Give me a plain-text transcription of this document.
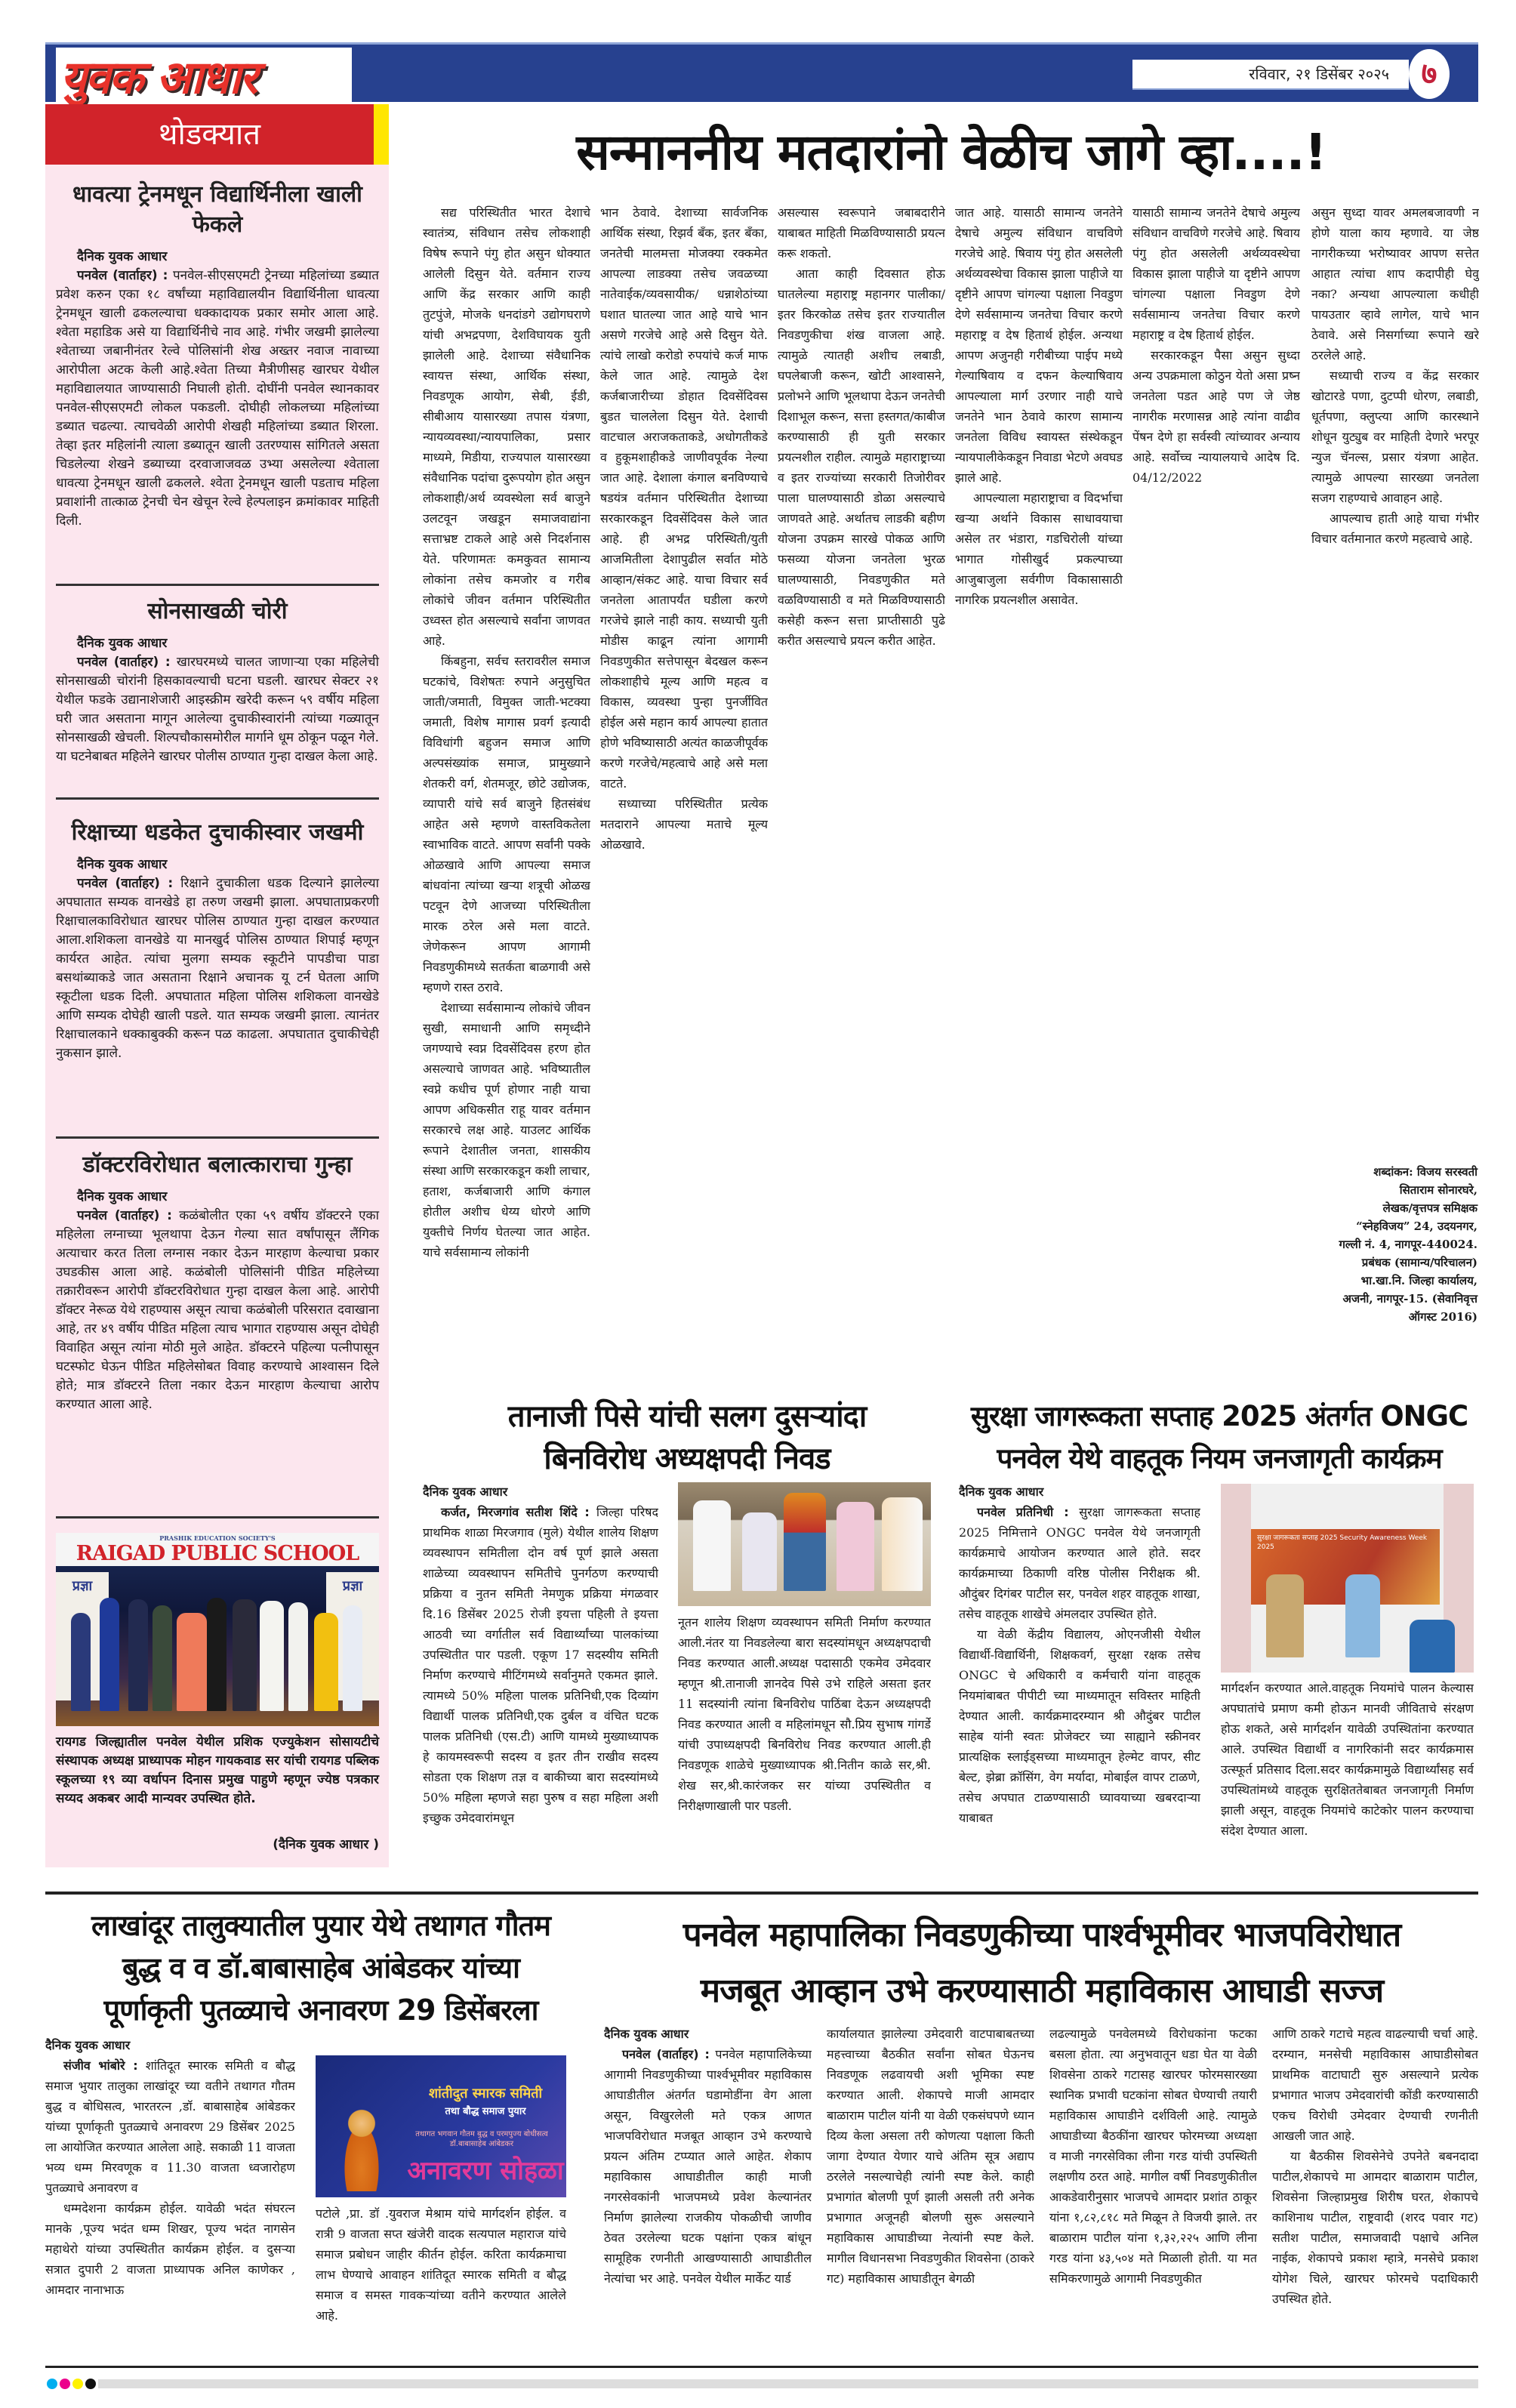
युवक आधार	रविवार, २१ डिसेंबर २०२५	७
थोडक्यात
धावत्या ट्रेनमधून विद्यार्थिनीला खाली फेकले
दैनिक युवक आधार

पनवेल (वार्ताहर) : पनवेल-सीएसएमटी ट्रेनच्या महिलांच्या डब्यात प्रवेश करुन एका १८ वर्षांच्या महाविद्यालयीन विद्यार्थिनीला धावत्या ट्रेनमधून खाली ढकलल्याचा धक्कादायक प्रकार समोर आला आहे. श्वेता महाडिक असे या विद्यार्थिनीचे नाव आहे. गंभीर जखमी झालेल्या श्वेताच्या जबानीनंतर रेल्वे पोलिसांनी शेख अख्तर नवाज नावाच्या आरोपीला अटक केली आहे.श्वेता तिच्या मैत्रीणीसह खारघर येथील महाविद्यालयात जाण्यासाठी निघाली होती. दोघींनी पनवेल स्थानकावर पनवेल-सीएसएमटी लोकल पकडली. दोघीही लोकलच्या महिलांच्या डब्यात चढल्या. त्याचवेळी आरोपी शेखही महिलांच्या डब्यात शिरला. तेव्हा इतर महिलांनी त्याला डब्यातून खाली उतरण्यास सांगितले असता चिडलेल्या शेखने डब्याच्या दरवाजाजवळ उभ्या असलेल्या श्वेताला धावत्या ट्रेनमधून खाली ढकलले. श्वेता ट्रेनमधून खाली पडताच महिला प्रवाशांनी तात्काळ ट्रेनची चेन खेचून रेल्वे हेल्पलाइन क्रमांकावर माहिती दिली.

सोनसाखळी चोरी
दैनिक युवक आधार

पनवेल (वार्ताहर) : खारघरमध्ये चालत जाणाऱ्या एका महिलेची सोनसाखळी चोरांनी हिसकावल्याची घटना घडली. खारघर सेक्टर २१ येथील फडके उद्यानाशेजारी आइस्क्रीम खरेदी करून ५९ वर्षीय महिला घरी जात असताना मागून आलेल्या दुचाकीस्वारांनी त्यांच्या गळ्यातून सोनसाखळी खेचली. शिल्पचौकासमोरील मार्गाने धूम ठोकून पळून गेले. या घटनेबाबत महिलेने खारघर पोलीस ठाण्यात गुन्हा दाखल केला आहे.

रिक्षाच्या धडकेत दुचाकीस्वार जखमी
दैनिक युवक आधार

पनवेल (वार्ताहर) : रिक्षाने दुचाकीला धडक दिल्याने झालेल्या अपघातात सम्यक वानखेडे हा तरुण जखमी झाला. अपघाताप्रकरणी रिक्षाचालकाविरोधात खारघर पोलिस ठाण्यात गुन्हा दाखल करण्यात आला.शशिकला वानखेडे या मानखुर्द पोलिस ठाण्यात शिपाई म्हणून कार्यरत आहेत. त्यांचा मुलगा सम्यक स्कूटीने पापडीचा पाडा बसथांब्याकडे जात असताना रिक्षाने अचानक यू टर्न घेतला आणि स्कूटीला धडक दिली. अपघातात महिला पोलिस शशिकला वानखेडे आणि सम्यक दोघेही खाली पडले. यात सम्यक जखमी झाला. त्यानंतर रिक्षाचालकाने धक्काबुक्की करून पळ काढला. अपघातात दुचाकीचेही नुकसान झाले.

डॉक्टरविरोधात बलात्काराचा गुन्हा
दैनिक युवक आधार

पनवेल (वार्ताहर) : कळंबोलीत एका ५९ वर्षीय डॉक्टरने एका महिलेला लग्नाच्या भूलथापा देऊन गेल्या सात वर्षांपासून लैंगिक अत्याचार करत तिला लग्नास नकार देऊन मारहाण केल्याचा प्रकार उघडकीस आला आहे. कळंबोली पोलिसांनी पीडित महिलेच्या तक्रारीवरून आरोपी डॉक्टरविरोधात गुन्हा दाखल केला आहे. आरोपी डॉक्टर नेरूळ येथे राहण्यास असून त्याचा कळंबोली परिसरात दवाखाना आहे, तर ४९ वर्षीय पीडित महिला त्याच भागात राहण्यास असून दोघेही विवाहित असून त्यांना मोठी मुले आहेत. डॉक्टरने पहिल्या पत्नीपासून घटस्फोट घेऊन पीडित महिलेसोबत विवाह करण्याचे आश्वासन दिले होते; मात्र डॉक्टरने तिला नकार देऊन मारहाण केल्याचा आरोप करण्यात आला आहे.

PRASHIK EDUCATION SOCIETY'S
RAIGAD PUBLIC SCHOOL
प्रज्ञा	प्रज्ञा
रायगड जिल्ह्यातील पनवेल येथील प्रशिक एज्युकेशन सोसायटीचे संस्थापक अध्यक्ष प्राध्यापक मोहन गायकवाड सर यांची रायगड पब्लिक स्कूलच्या १९ व्या वर्धापन दिनास प्रमुख पाहुणे म्हणून ज्येष्ठ पत्रकार सय्यद अकबर आदी मान्यवर उपस्थित होते.
(दैनिक युवक आधार )
सन्माननीय मतदारांनो वेळीच जागे व्हा....!

सद्य परिस्थितीत भारत देशाचे स्वातंत्र्य, संविधान तसेच लोकशाही विषेष रूपाने पंगु होत असुन धोक्यात आलेली दिसुन येते. वर्तमान राज्य आणि केंद्र सरकार आणि काही तुटपुंजे, मोजके धनदांडगे उद्योगघराणे यांची अभद्रपणा, देशविघायक युती झालेली आहे. देशाच्या संवैधानिक स्वायत्त संस्था, आर्थिक संस्था, निवडणूक आयोग, सेबी, ईडी, सीबीआय यासारख्या तपास यंत्रणा, न्यायव्यवस्था/न्यायपालिका, प्रसार माध्यमे, मिडीया, राज्यपाल यासारख्या संवैधानिक पदांचा दुरूपयोग होत असुन लोकशाही/अर्थ व्यवस्थेला सर्व बाजुने उलटवून जखडून समाजवाद्यांना सत्ताभ्रष्ट टाकले आहे असे निदर्शनास येते. परिणामतः कमकुवत सामान्य लोकांना तसेच कमजोर व गरीब लोकांचे जीवन वर्तमान परिस्थितीत उध्वस्त होत असल्याचे सर्वांना जाणवत आहे.

किंबहुना, सर्वच स्तरावरील समाज घटकांचे, विशेषतः रुपाने अनुसुचित जाती/जमाती, विमुक्त जाती-भटक्या जमाती, विशेष मागास प्रवर्ग इत्यादी विविधांगी बहुजन समाज आणि अल्पसंख्यांक समाज, प्रामुख्याने शेतकरी वर्ग, शेतमजूर, छोटे उद्योजक, व्यापारी यांचे सर्व बाजुने हितसंबंध आहेत असे म्हणणे वास्तविकतेला स्वाभाविक वाटते. आपण सर्वांनी पक्के ओळखावे आणि आपल्या समाज बांधवांना त्यांच्या खऱ्या शत्रूची ओळख पटवून देणे आजच्या परिस्थितीला मारक ठरेल असे मला वाटते. जेणेकरून आपण आगामी निवडणुकीमध्ये सतर्कता बाळगावी असे म्हणणे रास्त ठरावे.

देशाच्या सर्वसामान्य लोकांचे जीवन सुखी, समाधानी आणि समृध्दीने जगण्याचे स्वप्न दिवसेंदिवस हरण होत असल्याचे जाणवत आहे. भविष्यातील स्वप्ने कधीच पूर्ण होणार नाही याचा आपण अधिकसीत राहू यावर वर्तमान सरकारचे लक्ष आहे. याउलट आर्थिक रूपाने देशातील जनता, शासकीय संस्था आणि सरकारकडून कशी लाचार, हताश, कर्जबाजारी आणि कंगाल होतील अशीच धेय्य धोरणे आणि युक्तीचे निर्णय घेतल्या जात आहेत. याचे सर्वसामान्य लोकांनी

भान ठेवावे. देशाच्या सार्वजनिक आर्थिक संस्था, रिझर्व बँक, इतर बँका, जनतेची मालमत्ता मोजक्या रक्कमेत आपल्या लाडक्या तसेच जवळच्या नातेवाईक/व्यवसायीक/ धन्नाशेठांच्या घशात घातल्या जात आहे याचे भान असणे गरजेचे आहे असे दिसुन येते. त्यांचे लाखो करोडो रुपयांचे कर्ज माफ केले जात आहे. त्यामुळे देश कर्जबाजारीच्या डोहात दिवसेंदिवस बुडत चाललेला दिसुन येते. देशाची वाटचाल अराजकताकडे, अधोगतीकडे व हुकूमशाहीकडे जाणीवपूर्वक नेल्या जात आहे. देशाला कंगाल बनविण्याचे षडयंत्र वर्तमान परिस्थितीत देशाच्या सरकारकडून दिवसेंदिवस केले जात आहे. ही अभद्र परिस्थिती/युती आजमितीला देशापुढील सर्वात मोठे आव्हान/संकट आहे. याचा विचार सर्व जनतेला आतापर्यंत घडीला करणे गरजेचे झाले नाही काय. सध्याची युती मोडीस काढून त्यांना आगामी निवडणुकीत सत्तेपासून बेदखल करून लोकशाहीचे मूल्य आणि महत्व व विकास, व्यवस्था पुन्हा पुनर्जीवित होईल असे महान कार्य आपल्या हातात होणे भविष्यासाठी अत्यंत काळजीपूर्वक करणे गरजेचे/महत्वाचे आहे असे मला वाटते.

सध्याच्या परिस्थितीत प्रत्येक मतदाराने आपल्या मताचे मूल्य ओळखावे.

असल्यास स्वरूपाने जबाबदारीने याबाबत माहिती मिळविण्यासाठी प्रयत्न करू शकतो.

आता काही दिवसात होऊ घातलेल्या महाराष्ट्र महानगर पालीका/ इतर किरकोळ तसेच इतर राज्यातील निवडणुकीचा शंख वाजला आहे. त्यामुळे त्यातही अशीच लबाडी, घपलेबाजी करून, खोटी आश्वासने, प्रलोभने आणि भूलथापा देऊन जनतेची दिशाभूल करून, सत्ता हस्तगत/काबीज करण्यासाठी ही युती सरकार प्रयत्नशील राहील. त्यामुळे महाराष्ट्राच्या व इतर राज्यांच्या सरकारी तिजोरीवर पाला घालण्यासाठी डोळा असल्याचे जाणवते आहे. अर्थातच लाडकी बहीण योजना उपक्रम सारखे पोकळ आणि फसव्या योजना जनतेला भुरळ घालण्यासाठी, निवडणुकीत मते वळविण्यासाठी व मते मिळविण्यासाठी कसेही करून सत्ता प्राप्तीसाठी पुढे करीत असल्याचे प्रयत्न करीत आहेत.

जात आहे. यासाठी सामान्य जनतेने देषाचे अमुल्य संविधान वाचविणे गरजेचे आहे. षिवाय पंगु होत असलेली अर्थव्यवस्थेचा विकास झाला पाहीजे या दृष्टीने आपण चांगल्या पक्षाला निवडुण देणे सर्वसामान्य जनतेचा विचार करणे महाराष्ट्र व देष हितार्थ होईल. अन्यथा आपण अजुनही गरीबीच्या पाईप मध्ये गेल्याषिवाय व दफन केल्याषिवाय आपल्याला मार्ग उरणार नाही याचे जनतेने भान ठेवावे कारण सामान्य जनतेला विविध स्वायस्त संस्थेकडून न्यायपालीकेकडून निवाडा भेटणे अवघड झाले आहे.

आपल्याला महाराष्ट्राचा व विदर्भाचा खऱ्या अर्थाने विकास साधावयाचा असेल तर भंडारा, गडचिरोली यांच्या भागात गोसीखुर्द प्रकल्पाच्या आजुबाजुला सर्वगीण विकासासाठी नागरिक प्रयत्नशील असावेत.

यासाठी सामान्य जनतेने देषाचे अमुल्य संविधान वाचविणे गरजेचे आहे. षिवाय पंगु होत असलेली अर्थव्यवस्थेचा विकास झाला पाहीजे या दृष्टीने आपण चांगल्या पक्षाला निवडुण देणे सर्वसामान्य जनतेचा विचार करणे महाराष्ट्र व देष हितार्थ होईल.

सरकारकडून पैसा असुन सुध्दा अन्य उपक्रमाला कोठुन येतो असा प्रष्न जनतेला पडत आहे पण जे जेष्ठ नागरीक मरणासन्न आहे त्यांना वाढीव पेंषन देणे हा सर्वस्वी त्यांच्यावर अन्याय आहे. सर्वोच्च न्यायालयाचे आदेष दि. 04/12/2022

असुन सुध्दा यावर अमलबजावणी न होणे याला काय म्हणावे. या जेष्ठ नागरीकच्या भरोष्यावर आपण सत्तेत आहात त्यांचा शाप कदापीही घेवु नका? अन्यथा आपल्याला कधीही पायउतार व्हावे लागेल, याचे भान ठेवावे. असे निसर्गाच्या रूपाने खरे ठरलेले आहे.

सध्याची राज्य व केंद्र सरकार खोटारडे पणा, दुटप्पी धोरण, लबाडी, धूर्तपणा, क्लुप्त्या आणि कारस्थाने शोधून युट्युब वर माहिती देणारे भरपूर न्युज चॅनल्स, प्रसार यंत्रणा आहेत. त्यामुळे आपल्या सारख्या जनतेला सजग राहण्याचे आवाहन आहे.

आपल्याच हाती आहे याचा गंभीर विचार वर्तमानात करणे महत्वाचे आहे.

शब्दांकन: विजय सरस्वती
सिताराम सोनारघरे,
लेखक/वृत्तपत्र समिक्षक
“स्नेहविजय” 24, उदयनगर,
गल्ली नं. 4, नागपूर-440024.
प्रबंधक (सामान्य/परिचालन)
भा.खा.नि. जिल्हा कार्यालय,
अजनी, नागपूर-15. (सेवानिवृत्त
ऑगस्ट 2016)
तानाजी पिसे यांची सलग दुसऱ्यांदा
बिनविरोध अध्यक्षपदी निवड
दैनिक युवक आधार

कर्जत, मिरजगांव सतीश शिंदे : जिल्हा परिषद प्राथमिक शाळा मिरजगाव (मुले) येथील शालेय शिक्षण व्यवस्थापन समितीला दोन वर्ष पूर्ण झाले असता शाळेच्या व्यवस्थापन समितीचे पुनर्गठण करण्याची प्रक्रिया व नुतन समिती नेमणुक प्रक्रिया मंगळवार दि.16 डिसेंबर 2025 रोजी इयत्ता पहिली ते इयत्ता आठवी च्या वर्गातील सर्व विद्यार्थ्यांच्या पालकांच्या उपस्थितीत पार पडली. एकूण 17 सदस्यीय समिती निर्माण करण्याचे मीटिंगमध्ये सर्वानुमते एकमत झाले. त्यामध्ये 50% महिला पालक प्रतिनिधी,एक दिव्यांग विद्यार्थी पालक प्रतिनिधी,एक दुर्बल व वंचित घटक पालक प्रतिनिधी (एस.टी) आणि यामध्ये मुख्याध्यापक हे कायमस्वरूपी सदस्य व इतर तीन राखीव सदस्य सोडता एक शिक्षण तज्ञ व बाकीच्या बारा सदस्यांमध्ये 50% महिला म्हणजे सहा पुरुष व सहा महिला अशी इच्छुक उमेदवारांमधून

नूतन शालेय शिक्षण व्यवस्थापन समिती निर्माण करण्यात आली.नंतर या निवडलेल्या बारा सदस्यांमधून अध्यक्षपदाची निवड करण्यात आली.अध्यक्ष पदासाठी एकमेव उमेदवार म्हणून श्री.तानाजी ज्ञानदेव पिसे उभे राहिले असता इतर 11 सदस्यांनी त्यांना बिनविरोध पाठिंबा देऊन अध्यक्षपदी निवड करण्यात आली व महिलांमधून सौ.प्रिय सुभाष गांगर्डे यांची उपाध्यक्षपदी बिनविरोध निवड करण्यात आली.ही निवडणूक शाळेचे मुख्याध्यापक श्री.नितीन काळे सर,श्री. शेख सर,श्री.कारंजकर सर यांच्या उपस्थितीत व निरीक्षणाखाली पार पडली.

सुरक्षा जागरूकता सप्ताह 2025 अंतर्गत ONGC
पनवेल येथे वाहतूक नियम जनजागृती कार्यक्रम
दैनिक युवक आधार

पनवेल प्रतिनिधी : सुरक्षा जागरूकता सप्ताह 2025 निमित्ताने ONGC पनवेल येथे जनजागृती कार्यक्रमाचे आयोजन करण्यात आले होते. सदर कार्यक्रमाच्या ठिकाणी वरिष्ठ पोलीस निरीक्षक श्री. औदुंबर दिगंबर पाटील सर, पनवेल शहर वाहतूक शाखा, तसेच वाहतूक शाखेचे अंमलदार उपस्थित होते.

या वेळी केंद्रीय विद्यालय, ओएनजीसी येथील विद्यार्थी-विद्यार्थिनी, शिक्षकवर्ग, सुरक्षा रक्षक तसेच ONGC चे अधिकारी व कर्मचारी यांना वाहतूक नियमांबाबत पीपीटी च्या माध्यमातून सविस्तर माहिती देण्यात आली. कार्यक्रमादरम्यान श्री औदुंबर पाटील साहेब यांनी स्वतः प्रोजेक्टर च्या साह्याने स्क्रीनवर प्रात्यक्षिक स्लाईड्सच्या माध्यमातून हेल्मेट वापर, सीट बेल्ट, झेब्रा क्रॉसिंग, वेग मर्यादा, मोबाईल वापर टाळणे, तसेच अपघात टाळण्यासाठी घ्यावयाच्या खबरदाऱ्या याबाबत

सुरक्षा जागरूकता सप्ताह 2025 Security Awareness Week 2025

मार्गदर्शन करण्यात आले.वाहतूक नियमांचे पालन केल्यास अपघातांचे प्रमाण कमी होऊन मानवी जीविताचे संरक्षण होऊ शकते, असे मार्गदर्शन यावेळी उपस्थितांना करण्यात आले. उपस्थित विद्यार्थी व नागरिकांनी सदर कार्यक्रमास उत्स्फूर्त प्रतिसाद दिला.सदर कार्यक्रमामुळे विद्यार्थ्यांसह सर्व उपस्थितांमध्ये वाहतूक सुरक्षिततेबाबत जनजागृती निर्माण झाली असून, वाहतूक नियमांचे काटेकोर पालन करण्याचा संदेश देण्यात आला.

लाखांदूर तालुक्यातील पुयार येथे तथागत गौतम
बुद्ध व व डॉ.बाबासाहेब आंबेडकर यांच्या
पूर्णाकृती पुतळ्याचे अनावरण 29 डिसेंबरला
दैनिक युवक आधार

संजीव भांबोरे : शांतिदूत स्मारक समिती व बौद्ध समाज भुयार तालुका लाखांदूर च्या वतीने तथागत गौतम बुद्ध व बोधिसत्व, भारतरत्न ,डॉ. बाबासाहेब आंबेडकर यांच्या पूर्णाकृती पुतळ्याचे अनावरण 29 डिसेंबर 2025 ला आयोजित करण्यात आलेला आहे. सकाळी 11 वाजता भव्य धम्म मिरवणूक व 11.30 वाजता ध्वजारोहण पुतळ्याचे अनावरण व

धम्मदेशना कार्यक्रम होईल. यावेळी भदंत संघरत्न मानके ,पूज्य भदंत धम्म शिखर, पूज्य भदंत नागसेन महाथेरो यांच्या उपस्थितीत कार्यक्रम होईल. व दुसऱ्या सत्रात दुपारी 2 वाजता प्राध्यापक अनिल काणेकर , आमदार नानाभाऊ

शांतीदुत स्मारक समिती
तथा बौद्ध समाज पुयार
तथागत भगवान गौतम बुद्ध व परमपुज्य बोधीसत्व डॉ.बाबासाहेब आंबेडकर
अनावरण सोहळा

पटोले ,प्रा. डॉ .युवराज मेश्राम यांचे मार्गदर्शन होईल. व रात्री 9 वाजता सप्त खंजेरी वादक सत्यपाल महाराज यांचे समाज प्रबोधन जाहीर कीर्तन होईल. करिता कार्यक्रमाचा लाभ घेण्याचे आवाहन शांतिदूत स्मारक समिती व बौद्ध समाज व समस्त गावकऱ्यांच्या वतीने करण्यात आलेले आहे.

पनवेल महापालिका निवडणुकीच्या पार्श्वभूमीवर भाजपविरोधात
मजबूत आव्हान उभे करण्यासाठी महाविकास आघाडी सज्ज
दैनिक युवक आधार

पनवेल (वार्ताहर) : पनवेल महापालिकेच्या आगामी निवडणुकीच्या पार्श्वभूमीवर महाविकास आघाडीतील अंतर्गत घडामोडींना वेग आला असून, विखुरलेली मते एकत्र आणत भाजपविरोधात मजबूत आव्हान उभे करण्याचे प्रयत्न अंतिम टप्प्यात आले आहेत. शेकाप महाविकास आघाडीतील काही माजी नगरसेवकांनी भाजपमध्ये प्रवेश केल्यानंतर निर्माण झालेल्या राजकीय पोकळीची जाणीव ठेवत उरलेल्या घटक पक्षांना एकत्र बांधून सामूहिक रणनीती आखण्यासाठी आघाडीतील नेत्यांचा भर आहे. पनवेल येथील मार्केट यार्ड

कार्यालयात झालेल्या उमेदवारी वाटपाबाबतच्या महत्त्वाच्या बैठकीत सर्वांना सोबत घेऊनच निवडणूक लढवायची अशी भूमिका स्पष्ट करण्यात आली. शेकापचे माजी आमदार बाळाराम पाटील यांनी या वेळी एकसंघपणे ध्यान दिव्य केला असला तरी कोणत्या पक्षाला किती जागा देण्यात येणार याचे अंतिम सूत्र अद्याप ठरलेले नसल्याचेही त्यांनी स्पष्ट केले. काही प्रभागांत बोलणी पूर्ण झाली असली तरी अनेक प्रभागात अजूनही बोलणी सुरू असल्याने महाविकास आघाडीच्या नेत्यांनी स्पष्ट केले. मागील विधानसभा निवडणुकीत शिवसेना (ठाकरे गट) महाविकास आघाडीतून बेगळी

लढल्यामुळे पनवेलमध्ये विरोधकांना फटका बसला होता. त्या अनुभवातून धडा घेत या वेळी शिवसेना ठाकरे गटासह खारघर फोरमसारख्या स्थानिक प्रभावी घटकांना सोबत घेण्याची तयारी महाविकास आघाडीने दर्शविली आहे. त्यामुळे आघाडीच्या बैठकींना खारघर फोरमच्या अध्यक्षा व माजी नगरसेविका लीना गरड यांची उपस्थिती लक्षणीय ठरत आहे. मागील वर्षी निवडणुकीतील आकडेवारीनुसार भाजपचे आमदार प्रशांत ठाकूर यांना १,८२,८१८ मते मिळून ते विजयी झाले. तर बाळाराम पाटील यांना १,३२,२२५ आणि लीना गरड यांना ४३,५०४ मते मिळाली होती. या मत समिकरणामुळे आगामी निवडणुकीत

आणि ठाकरे गटाचे महत्व वाढल्याची चर्चा आहे. दरम्यान, मनसेची महाविकास आघाडीसोबत प्राथमिक वाटाघाटी सुरु असल्याने प्रत्येक प्रभागात भाजप उमेदवारांची कोंडी करण्यासाठी एकच विरोधी उमेदवार देण्याची रणनीती आखली जात आहे.

या बैठकीस शिवसेनेचे उपनेते बबनदादा पाटील,शेकापचे मा आमदार बाळाराम पाटील, शिवसेना जिल्हाप्रमुख शिरीष घरत, शेकापचे काशिनाथ पाटील, राष्ट्रवादी (शरद पवार गट) सतीश पाटील, समाजवादी पक्षाचे अनिल नाईक, शेकापचे प्रकाश म्हात्रे, मनसेचे प्रकाश योगेश चिले, खारघर फोरमचे पदाधिकारी उपस्थित होते.
